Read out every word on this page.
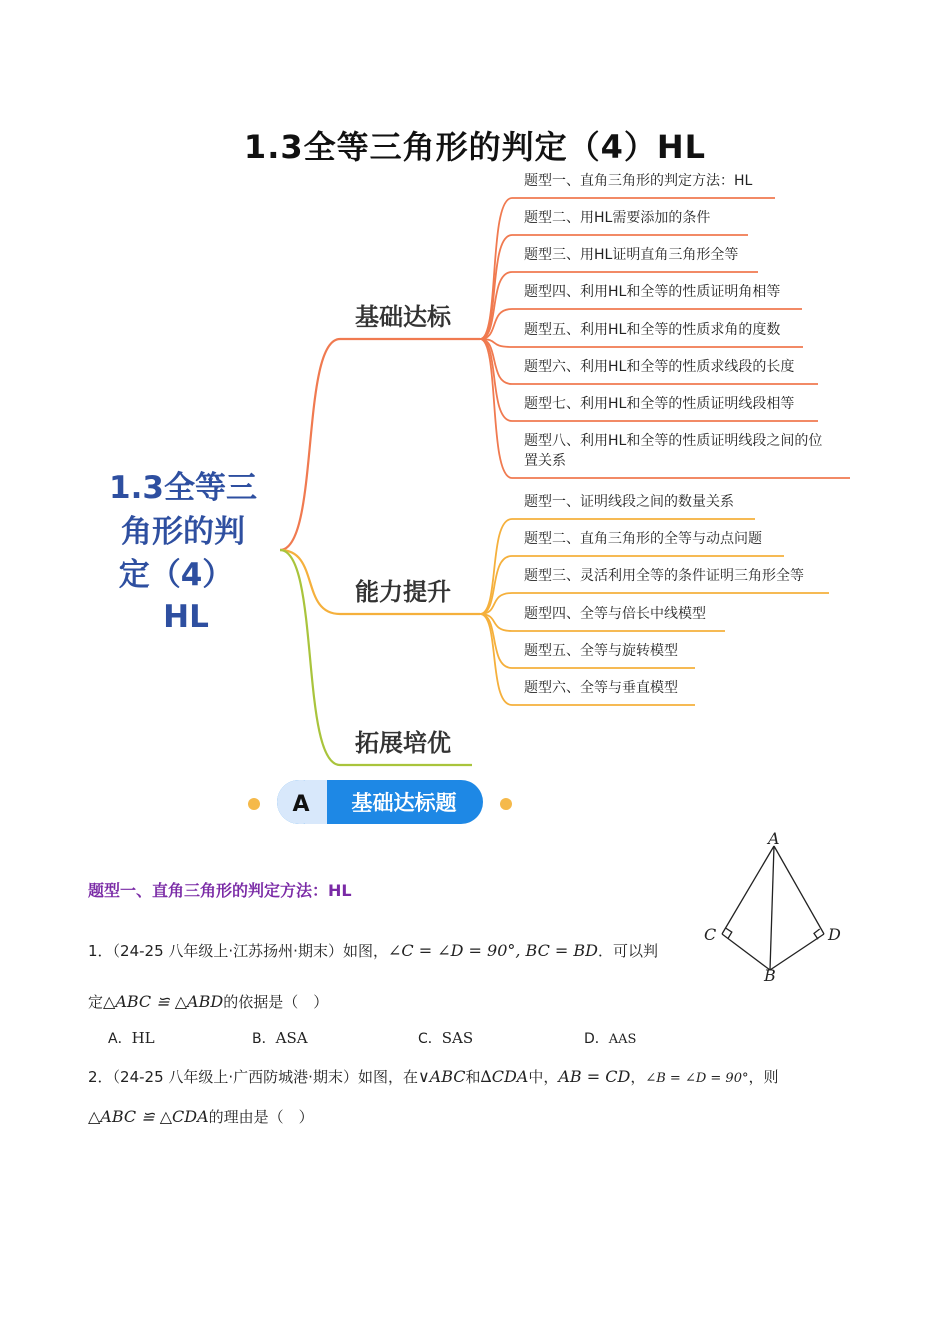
1.3全等三角形的判定（4）HL
1.3全等三
角形的判
定（4）
HL
基础达标
题型一、直角三角形的判定方法：HL
题型二、用HL需要添加的条件
题型三、用HL证明直角三角形全等
题型四、利用HL和全等的性质证明角相等
题型五、利用HL和全等的性质求角的度数
题型六、利用HL和全等的性质求线段的长度
题型七、利用HL和全等的性质证明线段相等
题型八、利用HL和全等的性质证明线段之间的位
置关系
能力提升
题型一、证明线段之间的数量关系
题型二、直角三角形的全等与动点问题
题型三、灵活利用全等的条件证明三角形全等
题型四、全等与倍长中线模型
题型五、全等与旋转模型
题型六、全等与垂直模型
拓展培优
A 基础达标题
题型一、直角三角形的判定方法：HL
A
B
C	D
1．（24-25 八年级上·江苏扬州·期末）如图，∠C = ∠D = 90°, BC = BD．可以判
定△ABC ≌ △ABD的依据是（　）
A．HL	B．ASA	C．SAS	D．AAS
2．（24-25 八年级上·广西防城港·期末）如图，在∨ABC和∆CDA中，AB = CD，∠B = ∠D = 90°，则
△ABC ≌ △CDA的理由是（　）
